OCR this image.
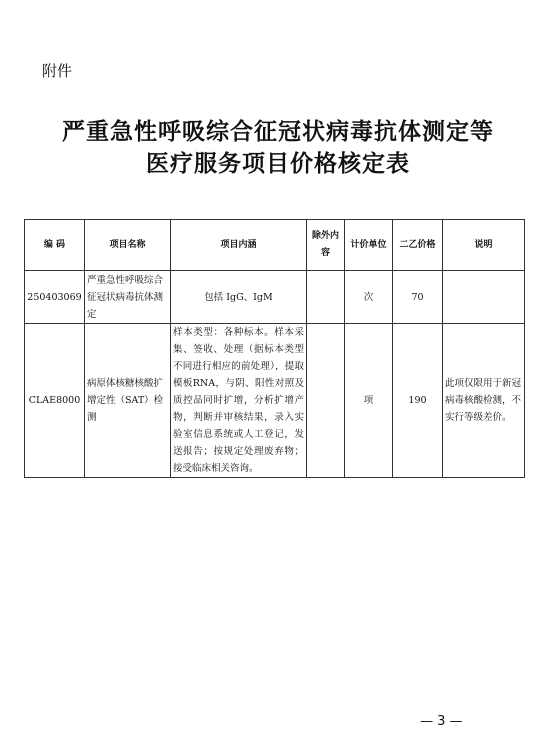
附件
严重急性呼吸综合征冠状病毒抗体测定等
医疗服务项目价格核定表
编 码	项目名称	项目内涵	除外内容	计价单位	二乙价格	说明
250403069	严重急性呼吸综合征冠状病毒抗体测定	包括 IgG、IgM		次	70	
CLAE8000	病原体核糖核酸扩增定性（SAT）检测	样本类型：各种标本。样本采集、签收、处理（据标本类型不同进行相应的前处理），提取模板RNA，与阴、阳性对照及质控品同时扩增，分析扩增产物，判断并审核结果，录入实验室信息系统或人工登记，发送报告；按规定处理废弃物；接受临床相关咨询。		项	190	此项仅限用于新冠病毒核酸检测，不实行等级差价。
— 3 —
